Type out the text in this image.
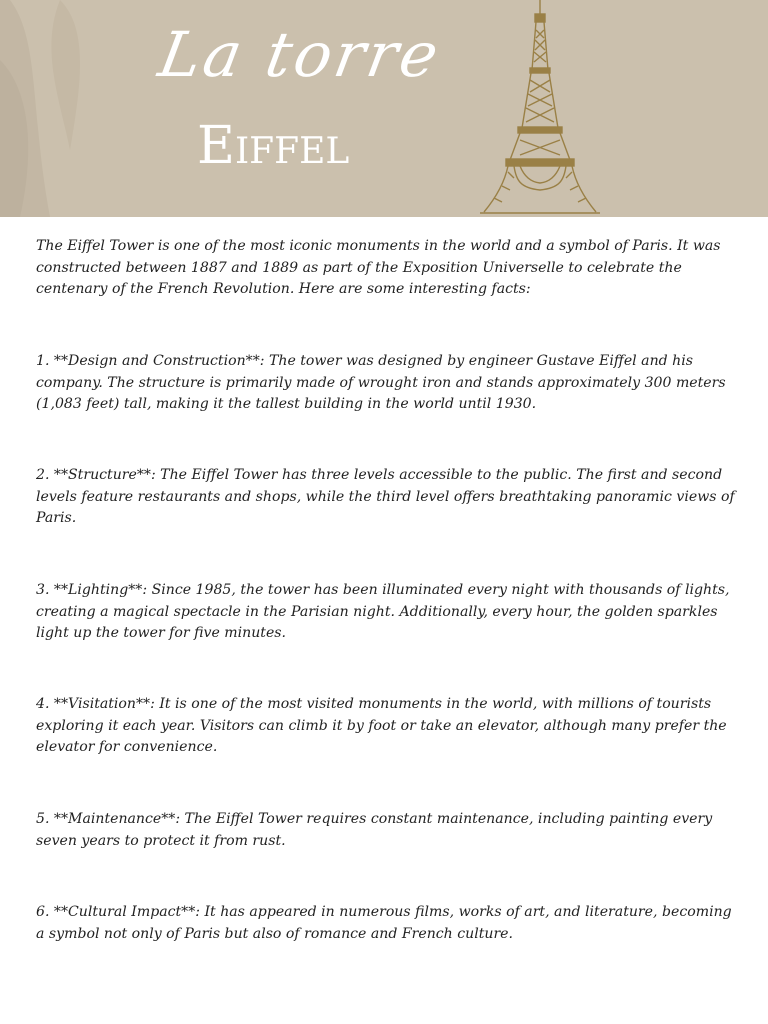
La torre
Eiffel

The Eiffel Tower is one of the most iconic monuments in the world and a symbol of Paris. It was constructed between 1887 and 1889 as part of the Exposition Universelle to celebrate the centenary of the French Revolution. Here are some interesting facts:

1. **Design and Construction**: The tower was designed by engineer Gustave Eiffel and his company. The structure is primarily made of wrought iron and stands approximately 300 meters (1,083 feet) tall, making it the tallest building in the world until 1930.

2. **Structure**: The Eiffel Tower has three levels accessible to the public. The first and second levels feature restaurants and shops, while the third level offers breathtaking panoramic views of Paris.

3. **Lighting**: Since 1985, the tower has been illuminated every night with thousands of lights, creating a magical spectacle in the Parisian night. Additionally, every hour, the golden sparkles light up the tower for five minutes.

4. **Visitation**: It is one of the most visited monuments in the world, with millions of tourists exploring it each year. Visitors can climb it by foot or take an elevator, although many prefer the elevator for convenience.

5. **Maintenance**: The Eiffel Tower requires constant maintenance, including painting every seven years to protect it from rust.

6. **Cultural Impact**: It has appeared in numerous films, works of art, and literature, becoming a symbol not only of Paris but also of romance and French culture.
